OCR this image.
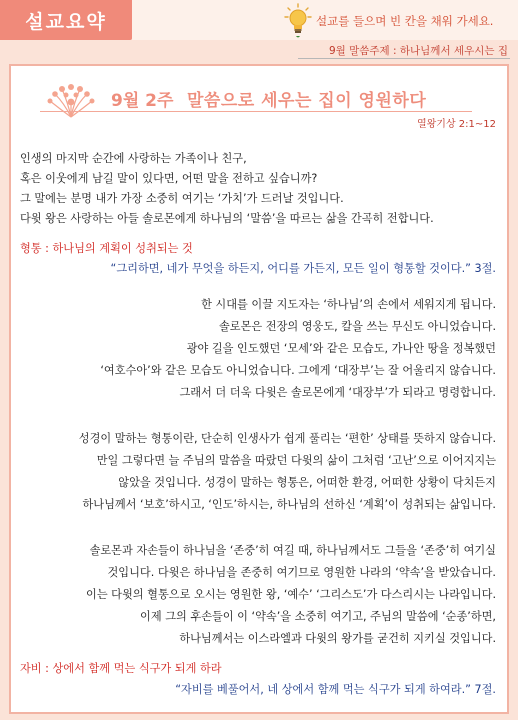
설교요약	설교를 들으며 빈 칸을 채워 가세요.
9월 말씀주제 : 하나님께서 세우시는 집
9월 2주 말씀으로 세우는 집이 영원하다
열왕기상 2:1~12
인생의 마지막 순간에 사랑하는 가족이나 친구,
혹은 이웃에게 남길 말이 있다면, 어떤 말을 전하고 싶습니까?
그 말에는 분명 내가 가장 소중히 여기는 ‘가치’가 드러날 것입니다.
다윗 왕은 사랑하는 아들 솔로몬에게 하나님의 ‘말씀’을 따르는 삶을 간곡히 전합니다.
형통 : 하나님의 계획이 성취되는 것
“그리하면, 네가 무엇을 하든지, 어디를 가든지, 모든 일이 형통할 것이다.” 3절.
한 시대를 이끌 지도자는 ‘하나님’의 손에서 세워지게 됩니다.
솔로몬은 전장의 영웅도, 칼을 쓰는 무신도 아니었습니다.
광야 길을 인도했던 ‘모세’와 같은 모습도, 가나안 땅을 정복했던
‘여호수아’와 같은 모습도 아니었습니다. 그에게 ‘대장부’는 잘 어울리지 않습니다.
그래서 더 더욱 다윗은 솔로몬에게 ‘대장부’가 되라고 명령합니다.
성경이 말하는 형통이란, 단순히 인생사가 쉽게 풀리는 ‘편한’ 상태를 뜻하지 않습니다.
만일 그렇다면 늘 주님의 말씀을 따랐던 다윗의 삶이 그처럼 ‘고난’으로 이어지지는
않았을 것입니다. 성경이 말하는 형통은, 어떠한 환경, 어떠한 상황이 닥치든지
하나님께서 ‘보호’하시고, ‘인도’하시는, 하나님의 선하신 ‘계획’이 성취되는 삶입니다.
솔로몬과 자손들이 하나님을 ‘존중’히 여길 때, 하나님께서도 그들을 ‘존중’히 여기실
것입니다. 다윗은 하나님을 존중히 여기므로 영원한 나라의 ‘약속’을 받았습니다.
이는 다윗의 혈통으로 오시는 영원한 왕, ‘예수’ ‘그리스도’가 다스리시는 나라입니다.
이제 그의 후손들이 이 ‘약속’을 소중히 여기고, 주님의 말씀에 ‘순종’하면,
하나님께서는 이스라엘과 다윗의 왕가를 굳건히 지키실 것입니다.
자비 : 상에서 함께 먹는 식구가 되게 하라
“자비를 베풀어서, 네 상에서 함께 먹는 식구가 되게 하여라.” 7절.
